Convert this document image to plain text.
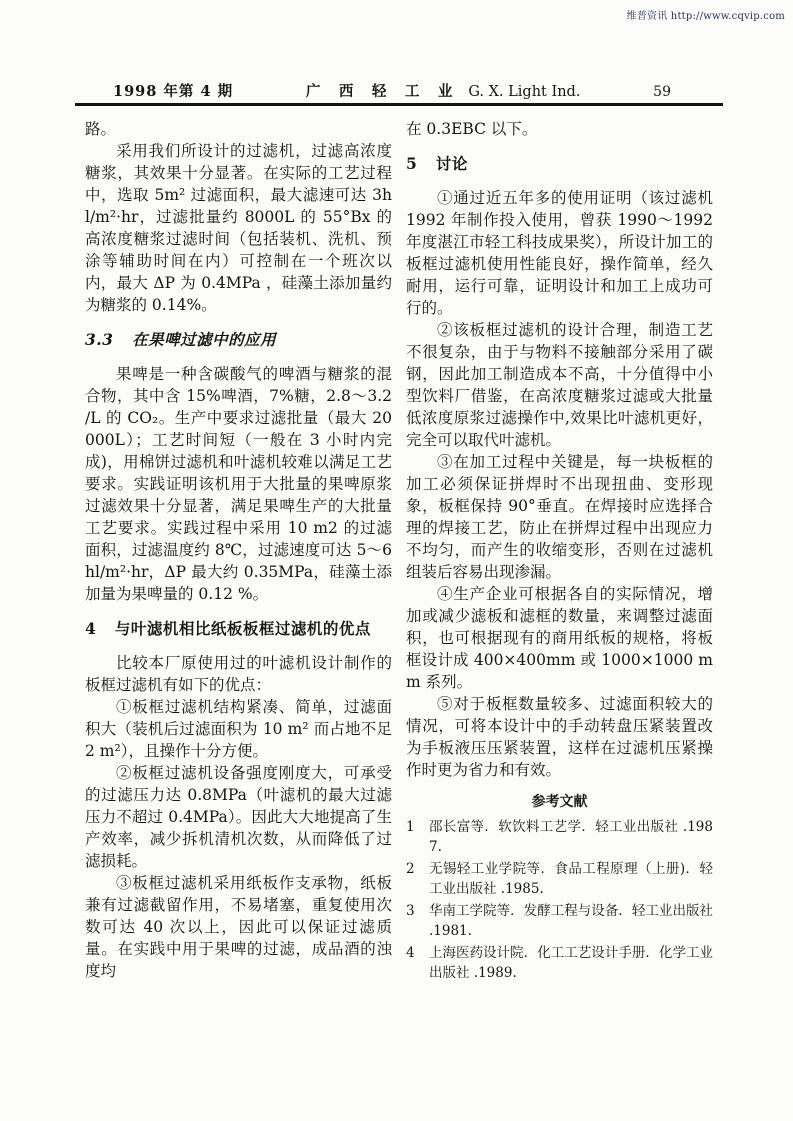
维普资讯 http://www.cqvip.com
1998 年第 4 期	广　西　轻　工　业 G. X. Light Ind.	59

路。

采用我们所设计的过滤机，过滤高浓度糖浆，其效果十分显著。在实际的工艺过程中，选取 5m² 过滤面积，最大滤速可达 3hl/m²·hr，过滤批量约 8000L 的 55°Bx 的高浓度糖浆过滤时间（包括装机、洗机、预涂等辅助时间在内）可控制在一个班次以内，最大 ΔP 为 0.4MPa ，硅藻土添加量约为糖浆的 0.14%。

3.3 在果啤过滤中的应用

果啤是一种含碳酸气的啤酒与糖浆的混合物，其中含 15%啤酒，7%糖，2.8～3.2 /L 的 CO₂。生产中要求过滤批量（最大 20000L）；工艺时间短（一般在 3 小时内完成)，用棉饼过滤机和叶滤机较难以满足工艺要求。实践证明该机用于大批量的果啤原浆过滤效果十分显著，满足果啤生产的大批量工艺要求。实践过程中采用 10 m2 的过滤面积，过滤温度约 8℃，过滤速度可达 5～6 hl/m²·hr，ΔP 最大约 0.35MPa，硅藻土添加量为果啤量的 0.12 %。

4 与叶滤机相比纸板板框过滤机的优点

比较本厂原使用过的叶滤机设计制作的板框过滤机有如下的优点：

①板框过滤机结构紧凑、简单，过滤面积大（装机后过滤面积为 10 m² 而占地不足 2 m²），且操作十分方便。

②板框过滤机设备强度刚度大，可承受的过滤压力达 0.8MPa（叶滤机的最大过滤压力不超过 0.4MPa）。因此大大地提高了生产效率，减少拆机清机次数，从而降低了过滤损耗。

③板框过滤机采用纸板作支承物，纸板兼有过滤截留作用，不易堵塞，重复使用次数可达 40 次以上，因此可以保证过滤质量。在实践中用于果啤的过滤，成品酒的浊度均

在 0.3EBC 以下。

5 讨论

①通过近五年多的使用证明（该过滤机 1992 年制作投入使用，曾获 1990～1992 年度湛江市轻工科技成果奖），所设计加工的板框过滤机使用性能良好，操作简单，经久耐用，运行可靠，证明设计和加工上成功可行的。

②该板框过滤机的设计合理，制造工艺不很复杂，由于与物料不接触部分采用了碳钢，因此加工制造成本不高，十分值得中小型饮料厂借鉴，在高浓度糖浆过滤或大批量低浓度原浆过滤操作中,效果比叶滤机更好，完全可以取代叶滤机。

③在加工过程中关键是，每一块板框的加工必须保证拼焊时不出现扭曲、变形现象，板框保持 90°垂直。在焊接时应选择合理的焊接工艺，防止在拼焊过程中出现应力不均匀，而产生的收缩变形，否则在过滤机组装后容易出现渗漏。

④生产企业可根据各自的实际情况，增加或减少滤板和滤框的数量，来调整过滤面积，也可根据现有的商用纸板的规格，将板框设计成 400×400mm 或 1000×1000 mm 系列。

⑤对于板框数量较多、过滤面积较大的情况，可将本设计中的手动转盘压紧装置改为手板液压压紧装置，这样在过滤机压紧操作时更为省力和有效。

参考文献

1 邵长富等．软饮料工艺学．轻工业出版社 .1987.
2 无锡轻工业学院等．食品工程原理（上册)．轻工业出版社 .1985.
3 华南工学院等．发酵工程与设备．轻工业出版社 .1981.
4 上海医药设计院．化工工艺设计手册．化学工业出版社 .1989.
